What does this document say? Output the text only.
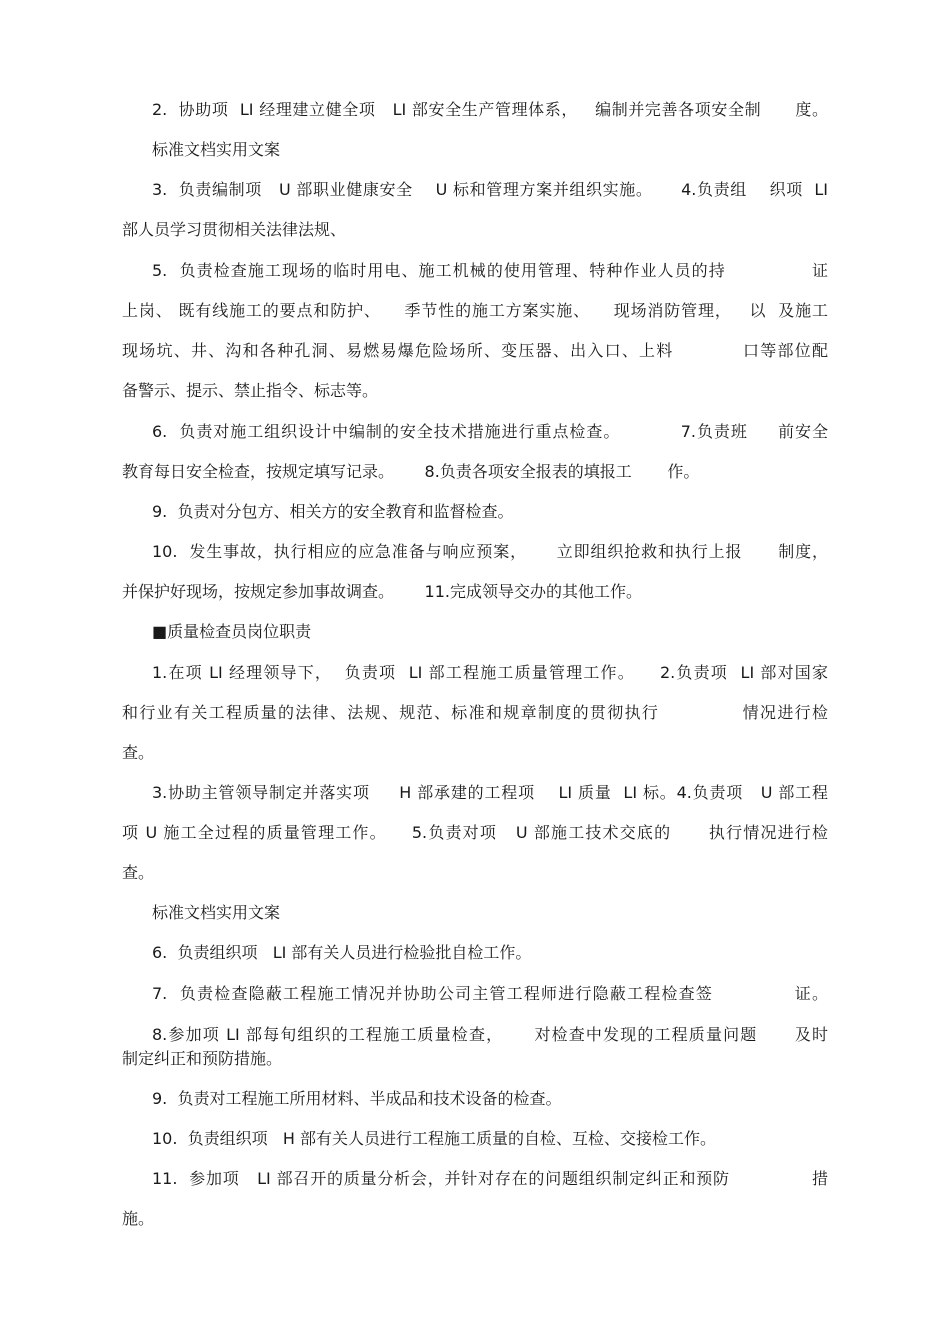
2.  协助项  LI 经理建立健全项   LI 部安全生产管理体系，   编制并完善各项安全制      度。
标准文档实用文案
3.  负责编制项   U 部职业健康安全    U 标和管理方案并组织实施。     4.负责组    织项  LI
部人员学习贯彻相关法律法规、
5.  负责检查施工现场的临时用电、施工机械的使用管理、特种作业人员的持              证
上岗、 既有线施工的要点和防护、    季节性的施工方案实施、    现场消防管理，   以  及施工
现场坑、井、沟和各种孔洞、易燃易爆危险场所、变压器、出入口、上料           口等部位配
备警示、提示、禁止指令、标志等。
6.  负责对施工组织设计中编制的安全技术措施进行重点检查。          7.负责班     前安全
教育每日安全检查，按规定填写记录。      8.负责各项安全报表的填报工       作。
9.  负责对分包方、相关方的安全教育和监督检查。
10.  发生事故，执行相应的应急准备与响应预案，     立即组织抢救和执行上报      制度，
并保护好现场，按规定参加事故调查。      11.完成领导交办的其他工作。
■质量检查员岗位职责
1.在项 LI 经理领导下，  负责项  LI 部工程施工质量管理工作。    2.负责项  LI 部对国家
和行业有关工程质量的法律、法规、规范、标准和规章制度的贯彻执行             情况进行检
查。
3.协助主管领导制定并落实项     H 部承建的工程项    LI 质量  LI 标。4.负责项   U 部工程
项 U 施工全过程的质量管理工作。    5.负责对项   U 部施工技术交底的      执行情况进行检
查。
标准文档实用文案
6.  负责组织项   LI 部有关人员进行检验批自检工作。
7.  负责检查隐蔽工程施工情况并协助公司主管工程师进行隐蔽工程检查签             证。
8.参加项 LI 部每旬组织的工程施工质量检查，     对检查中发现的工程质量问题      及时
制定纠正和预防措施。
9.  负责对工程施工所用材料、半成品和技术设备的检查。
10.  负责组织项   H 部有关人员进行工程施工质量的自检、互检、交接检工作。
11.  参加项   LI 部召开的质量分析会，并针对存在的问题组织制定纠正和预防              措
施。
